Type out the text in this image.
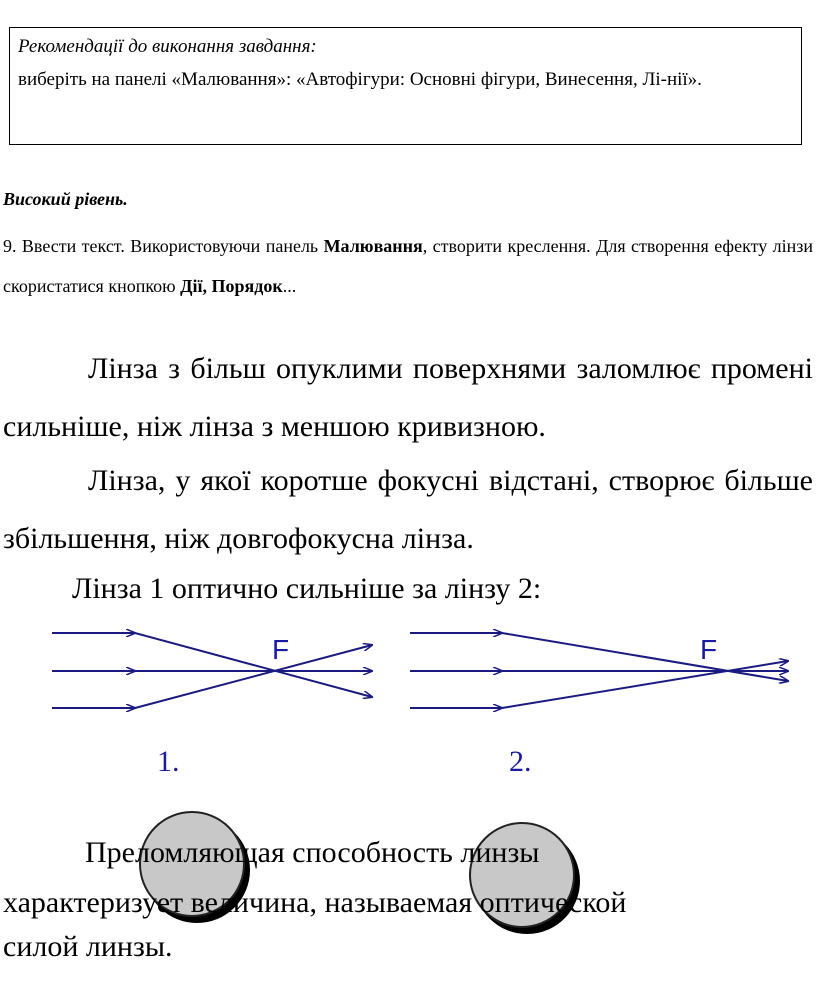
Рекомендації до виконання завдання:
виберіть на панелі «Малювання»: «Автофігури: Основні фігури, Винесення, Лі-нії».
Високий рівень.
9. Ввести текст. Використовуючи панель Малювання, створити креслення. Для створення ефекту лінзи скористатися кнопкою Дії, Порядок...
Лінза з більш опуклими поверхнями заломлює промені сильніше, ніж лінза з меншою кривизною.
Лінза, у якої коротше фокусні відстані, створює більше збільшення, ніж довгофокусна лінза.
Лінза 1 оптично сильніше за лінзу 2:
F	F
1.	2.
Преломляющая способность линзы
характеризует величина, называемая оптической
силой линзы.
